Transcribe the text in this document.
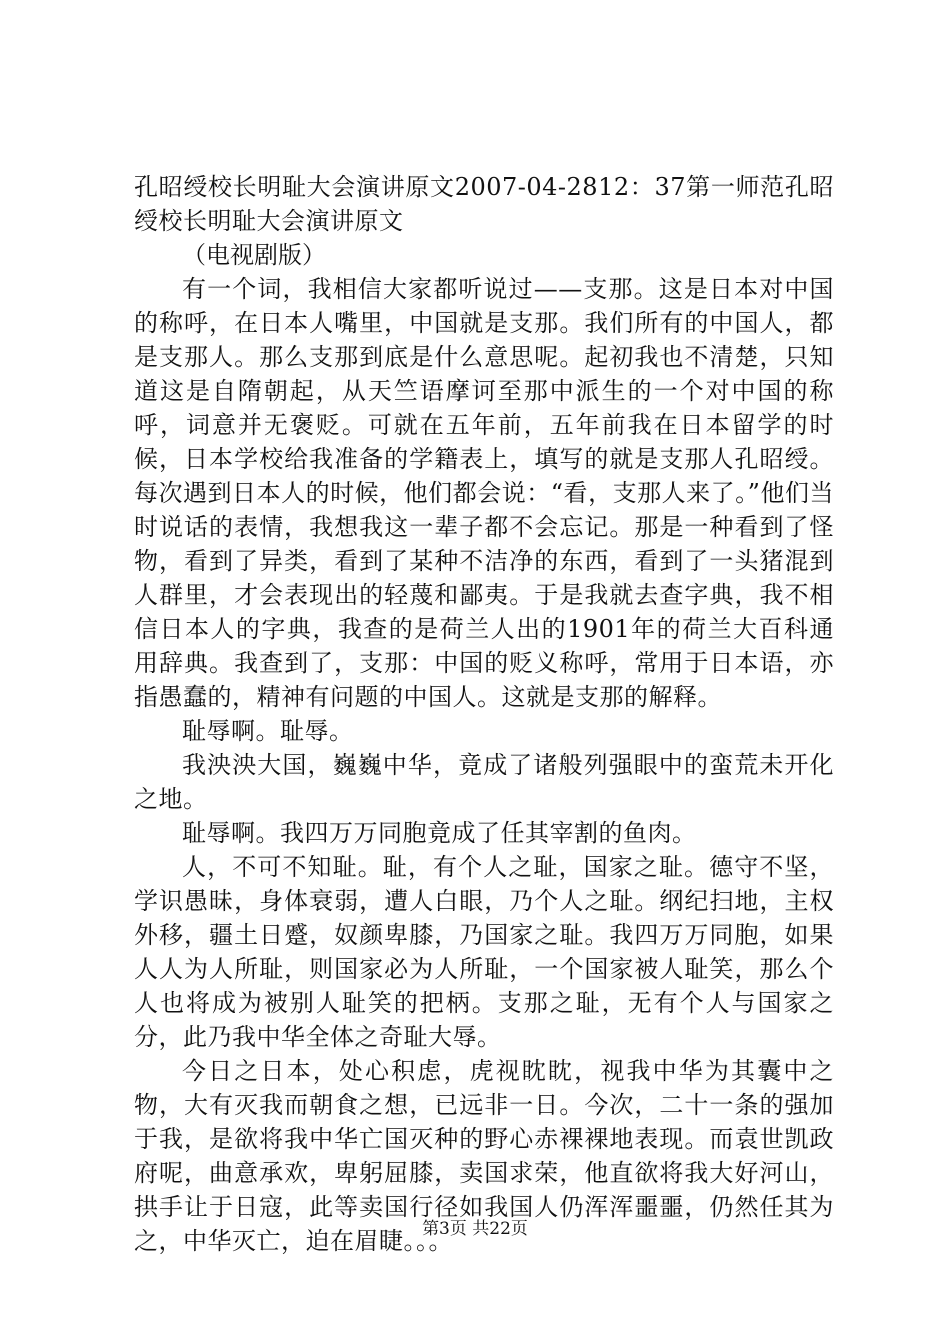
孔昭绶校长明耻大会演讲原文2007-04-2812：37第一师范孔昭绶校长明耻大会演讲原文

（电视剧版）

有一个词，我相信大家都听说过——支那。这是日本对中国的称呼，在日本人嘴里，中国就是支那。我们所有的中国人，都是支那人。那么支那到底是什么意思呢。起初我也不清楚，只知道这是自隋朝起，从天竺语摩诃至那中派生的一个对中国的称呼，词意并无褒贬。可就在五年前，五年前我在日本留学的时候，日本学校给我准备的学籍表上，填写的就是支那人孔昭绶。每次遇到日本人的时候，他们都会说：“看，支那人来了。”他们当时说话的表情，我想我这一辈子都不会忘记。那是一种看到了怪物，看到了异类，看到了某种不洁净的东西，看到了一头猪混到人群里，才会表现出的轻蔑和鄙夷。于是我就去查字典，我不相信日本人的字典，我查的是荷兰人出的1901年的荷兰大百科通用辞典。我查到了，支那：中国的贬义称呼，常用于日本语，亦指愚蠢的，精神有问题的中国人。这就是支那的解释。

耻辱啊。耻辱。

我泱泱大国，巍巍中华，竟成了诸般列强眼中的蛮荒未开化之地。

耻辱啊。我四万万同胞竟成了任其宰割的鱼肉。

人，不可不知耻。耻，有个人之耻，国家之耻。德守不坚，学识愚昧，身体衰弱，遭人白眼，乃个人之耻。纲纪扫地，主权外移，疆土日蹙，奴颜卑膝，乃国家之耻。我四万万同胞，如果人人为人所耻，则国家必为人所耻，一个国家被人耻笑，那么个人也将成为被别人耻笑的把柄。支那之耻，无有个人与国家之分，此乃我中华全体之奇耻大辱。

今日之日本，处心积虑，虎视眈眈，视我中华为其囊中之物，大有灭我而朝食之想，已远非一日。今次，二十一条的强加于我，是欲将我中华亡国灭种的野心赤裸裸地表现。而袁世凯政府呢，曲意承欢，卑躬屈膝，卖国求荣，他直欲将我大好河山，拱手让于日寇，此等卖国行径如我国人仍浑浑噩噩，仍然任其为之，中华灭亡，迫在眉睫。。。

第3页 共22页
